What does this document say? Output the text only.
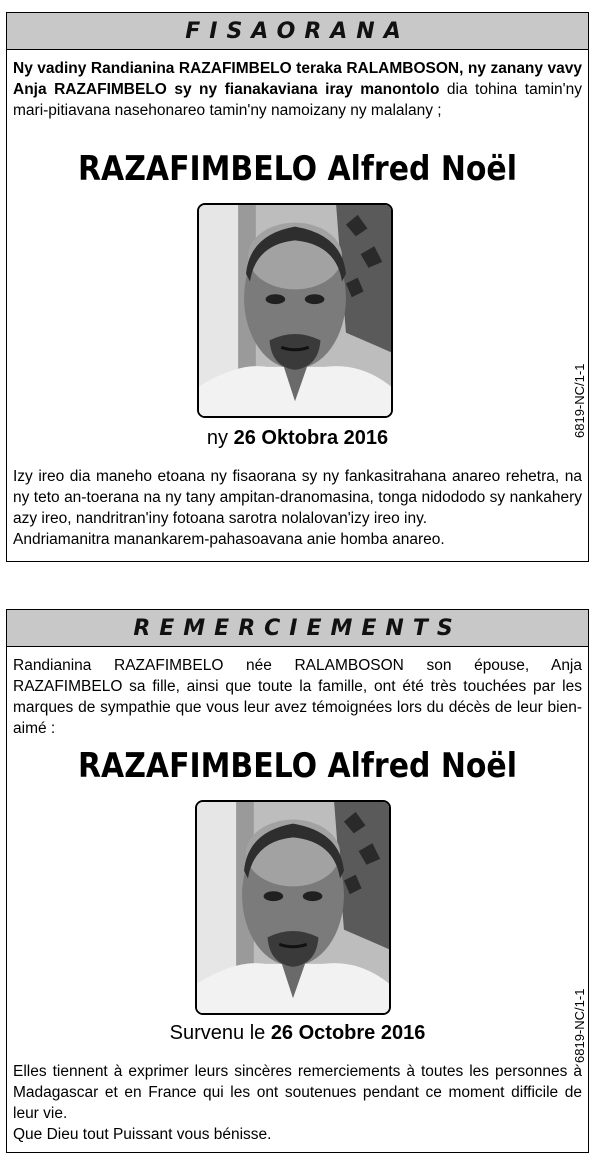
FISAORANA

Ny vadiny Randianina RAZAFIMBELO teraka RALAMBOSON, ny zanany vavy Anja RAZAFIMBELO sy ny fianakaviana iray manontolo dia tohina tamin'ny mari-pitiavana nasehonareo tamin'ny namoizany ny malalany ;

RAZAFIMBELO Alfred Noël
ny 26 Oktobra 2016

Izy ireo dia maneho etoana ny fisaorana sy ny fankasitrahana anareo rehetra, na ny teto an-toerana na ny tany ampitan-dranomasina, tonga nidododo sy nankahery azy ireo, nandritran'iny fotoana sarotra nolalovan'izy ireo iny.
Andriamanitra manankarem-pahasoavana anie homba anareo.

6819-NC/1-1
REMERCIEMENTS

Randianina RAZAFIMBELO née RALAMBOSON son épouse, Anja RAZAFIMBELO sa fille, ainsi que toute la famille, ont été très touchées par les marques de sympathie que vous leur avez témoignées lors du décès de leur bien-aimé :

RAZAFIMBELO Alfred Noël
Survenu le 26 Octobre 2016

Elles tiennent à exprimer leurs sincères remerciements à toutes les personnes à Madagascar et en France qui les ont soutenues pendant ce moment difficile de leur vie.
Que Dieu tout Puissant vous bénisse.

6819-NC/1-1
